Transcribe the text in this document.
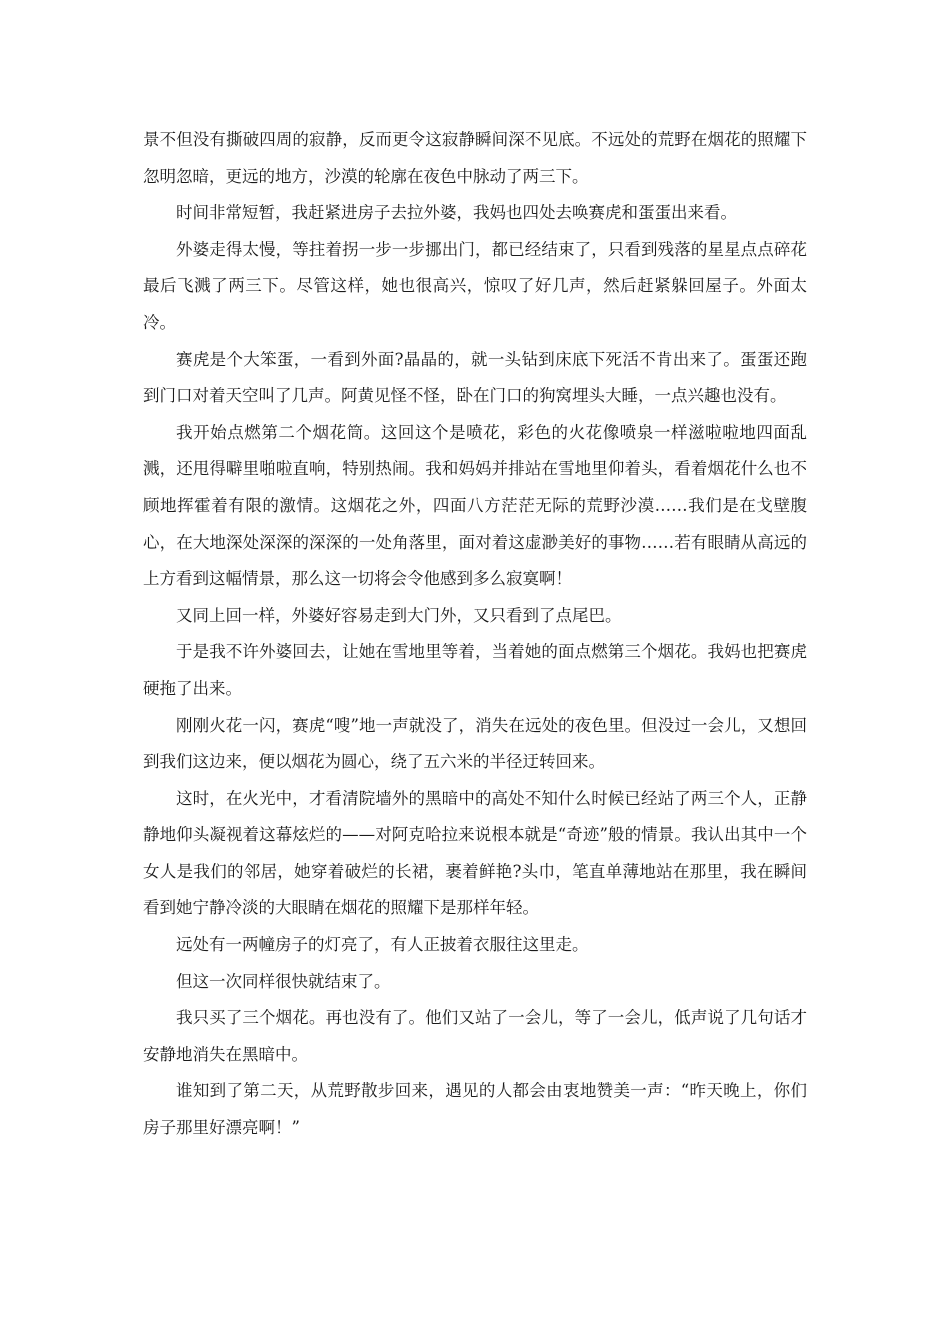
景不但没有撕破四周的寂静，反而更令这寂静瞬间深不见底。不远处的荒野在烟花的照耀下忽明忽暗，更远的地方，沙漠的轮廓在夜色中脉动了两三下。

时间非常短暂，我赶紧进房子去拉外婆，我妈也四处去唤赛虎和蛋蛋出来看。

外婆走得太慢，等拄着拐一步一步挪出门，都已经结束了，只看到残落的星星点点碎花最后飞溅了两三下。尽管这样，她也很高兴，惊叹了好几声，然后赶紧躲回屋子。外面太冷。

赛虎是个大笨蛋，一看到外面?晶晶的，就一头钻到床底下死活不肯出来了。蛋蛋还跑到门口对着天空叫了几声。阿黄见怪不怪，卧在门口的狗窝埋头大睡，一点兴趣也没有。

我开始点燃第二个烟花筒。这回这个是喷花，彩色的火花像喷泉一样滋啦啦地四面乱溅，还甩得噼里啪啦直响，特别热闹。我和妈妈并排站在雪地里仰着头，看着烟花什么也不顾地挥霍着有限的激情。这烟花之外，四面八方茫茫无际的荒野沙漠……我们是在戈壁腹心，在大地深处深深的深深的一处角落里，面对着这虚渺美好的事物……若有眼睛从高远的上方看到这幅情景，那么这一切将会令他感到多么寂寞啊！

又同上回一样，外婆好容易走到大门外，又只看到了点尾巴。

于是我不许外婆回去，让她在雪地里等着，当着她的面点燃第三个烟花。我妈也把赛虎硬拖了出来。

刚刚火花一闪，赛虎“嗖”地一声就没了，消失在远处的夜色里。但没过一会儿，又想回到我们这边来，便以烟花为圆心，绕了五六米的半径迂转回来。

这时，在火光中，才看清院墙外的黑暗中的高处不知什么时候已经站了两三个人，正静静地仰头凝视着这幕炫烂的——对阿克哈拉来说根本就是“奇迹”般的情景。我认出其中一个女人是我们的邻居，她穿着破烂的长裙，裹着鲜艳?头巾，笔直单薄地站在那里，我在瞬间看到她宁静冷淡的大眼睛在烟花的照耀下是那样年轻。

远处有一两幢房子的灯亮了，有人正披着衣服往这里走。

但这一次同样很快就结束了。

我只买了三个烟花。再也没有了。他们又站了一会儿，等了一会儿，低声说了几句话才安静地消失在黑暗中。

谁知到了第二天，从荒野散步回来，遇见的人都会由衷地赞美一声：“昨天晚上，你们房子那里好漂亮啊！”
